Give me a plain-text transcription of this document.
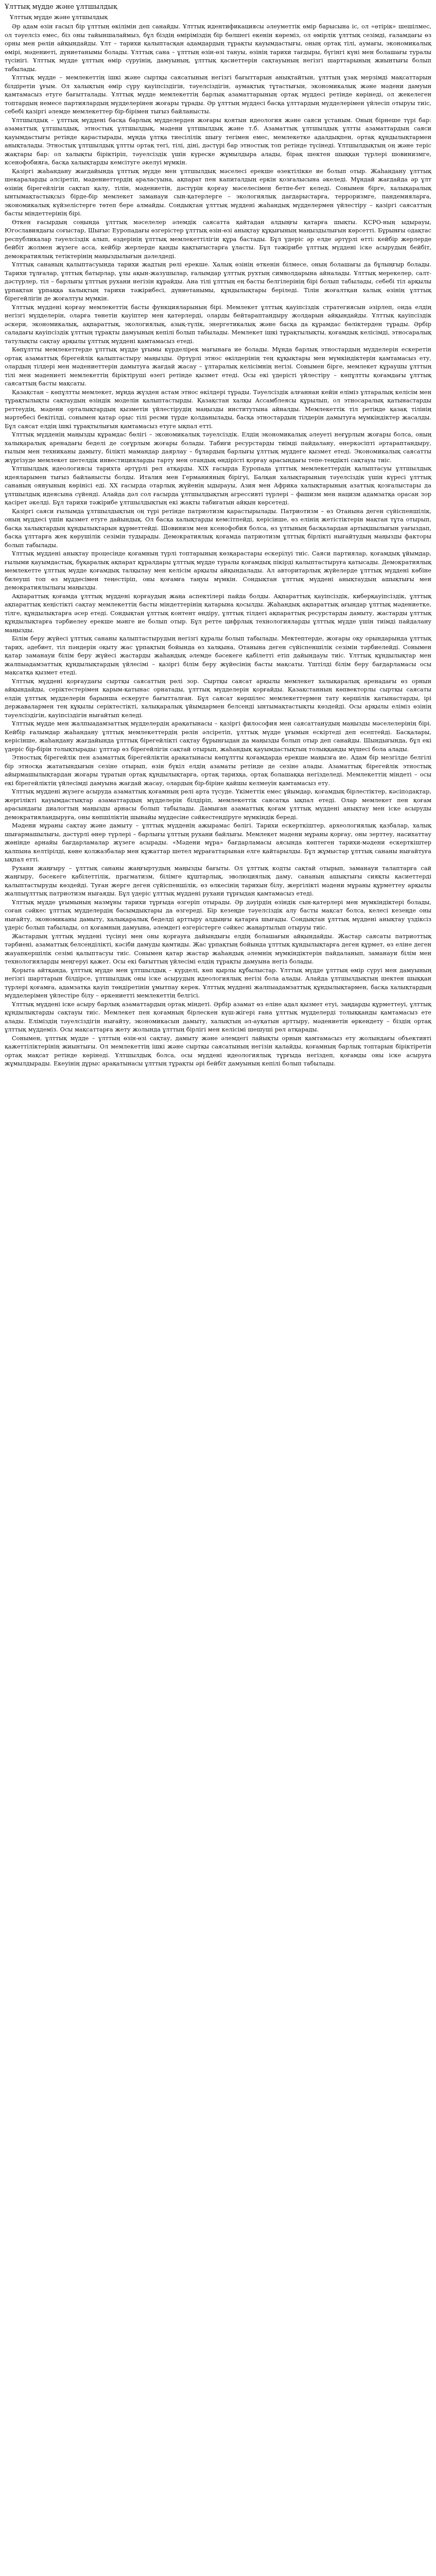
Ұлттық мүдде және ұлтшылдық
Ұлттық мүдде және ұлтшылдық

Әр адам өзін ғасыл бір ұлттың өкілімін деп санайды. Ұлттық идентификациясы әлеуметтік өмір барысына іс, ол «өтірік» шешілмес, ол тәуелсіз емес, біз оны тайыншалаймыз, бұл біздің өміріміздің бір бөлшегі екенін көреміз, ол өмірлік ұлттық сезімді, ғаламдағы өз орны мен рөлін айқындайды. Ұлт – тарихи қалыптасқан адамдардың тұрақты қауымдастығы, оның ортақ тілі, аумағы, экономикалық өмірі, мәдениеті, дүниетанымы болады. Ұлттық сана – ұлттың өзін-өзі тануы, өзінің тарихи тағдыры, бүгінгі күні мен болашағы туралы түсінігі. Ұлттық мүдде ұлттың өмір сүруінің, дамуының, ұлттық қасиеттерін сақтауының негізгі шарттарының жиынтығы болып табылады.

Ұлттық мүдде – мемлекеттің ішкі және сыртқы саясатының негізгі бағыттарын анықтайтын, ұлттың ұзақ мерзімді мақсаттарын білдіретін ұғым. Ол халықтың өмір сүру қауіпсіздігін, тәуелсіздігін, аумақтық тұтастығын, экономикалық және мәдени дамуын қамтамасыз етуге бағытталады. Ұлттық мүдде мемлекеттің барлық азаматтарының ортақ мүддесі ретінде көрінеді, ол жекелеген топтардың немесе партиялардың мүдделерінен жоғары тұрады. Әр ұлттың мүддесі басқа ұлттардың мүдделерімен үйлесіп отыруы тиіс, себебі қазіргі әлемде мемлекеттер бір-бірімен тығыз байланысты.

Ұлтшылдық – ұлттық мүддені басқа барлық мүдделерден жоғары қоятын идеология және саяси ұстаным. Оның бірнеше түрі бар: азаматтық ұлтшылдық, этностық ұлтшылдық, мәдени ұлтшылдық және т.б. Азаматтық ұлтшылдық ұлтты азаматтардың саяси қауымдастығы ретінде қарастырады, мұнда ұлтқа тиесілілік шығу тегімен емес, мемлекетке адалдықпен, ортақ құндылықтармен анықталады. Этностық ұлтшылдық ұлтты ортақ тегі, тілі, діні, дәстүрі бар этностық топ ретінде түсінеді. Ұлтшылдықтың оң және теріс жақтары бар: ол халықты біріктіріп, тәуелсіздік үшін күреске жұмылдыра алады, бірақ шектен шыққан түрлері шовинизмге, ксенофобияға, басқа халықтарды кемсітуге әкелуі мүмкін.

Қазіргі жаһандану жағдайында ұлттық мүдде мен ұлтшылдық мәселесі ерекше өзектілікке ие болып отыр. Жаһандану ұлттық шекараларды әлсіретіп, мәдениеттердің араласуына, ақпарат пен капиталдың еркін қозғалысына әкеледі. Мұндай жағдайда әр ұлт өзінің бірегейлігін сақтап қалу, тілін, мәдениетін, дәстүрін қорғау мәселесімен бетпе-бет келеді. Сонымен бірге, халықаралық ынтымақтастықсыз бірде-бір мемлекет заманауи сын-қатерлерге – экологиялық дағдарыстарға, терроризмге, пандемияларға, экономикалық күйзелістерге төтеп бере алмайды. Сондықтан ұлттық мүддені жаһандық мүдделермен үйлестіру – қазіргі саясаттың басты міндеттерінің бірі.

Өткен ғасырдың соңында ұлттық мәселелер әлемдік саясатта қайтадан алдыңғы қатарға шықты. КСРО-ның ыдырауы, Югославиядағы соғыстар, Шығыс Еуропадағы өзгерістер ұлттық өзін-өзі анықтау құқығының маңыздылығын көрсетті. Бұрынғы одақтас республикалар тәуелсіздік алып, өздерінің ұлттық мемлекеттілігін құра бастады. Бұл үдеріс әр елде әртүрлі өтті: кейбір жерлерде бейбіт жолмен жүзеге асса, кейбір жерлерде қанды қақтығыстарға ұласты. Бұл тәжірибе ұлттық мүддені іске асырудың бейбіт, демократиялық тетіктерінің маңыздылығын дәлелдеді.

Ұлттық сананың қалыптасуында тарихи жадтың рөлі ерекше. Халық өзінің өткенін білмесе, оның болашағы да бұлыңғыр болады. Тарихи тұлғалар, ұлттық батырлар, ұлы ақын-жазушылар, ғалымдар ұлттық рухтың символдарына айналады. Ұлттық мерекелер, салт-дәстүрлер, тіл – барлығы ұлттың рухани негізін құрайды. Ана тілі ұлттың ең басты белгілерінің бірі болып табылады, себебі тіл арқылы ұрпақтан ұрпаққа халықтың тарихи тәжірибесі, дүниетанымы, құндылықтары беріледі. Тілін жоғалтқан халық өзінің ұлттық бірегейлігін де жоғалтуы мүмкін.

Ұлттық мүддені қорғау мемлекеттің басты функцияларының бірі. Мемлекет ұлттық қауіпсіздік стратегиясын әзірлеп, онда елдің негізгі мүдделерін, оларға төнетін қауіптер мен қатерлерді, оларды бейтараптандыру жолдарын айқындайды. Ұлттық қауіпсіздік әскери, экономикалық, ақпараттық, экологиялық, азық-түлік, энергетикалық және басқа да құрамдас бөліктерден тұрады. Әрбір саладағы қауіпсіздік ұлттың тұрақты дамуының кепілі болып табылады. Мемлекет ішкі тұрақтылықты, қоғамдық келісімді, этносаралық татулықты сақтау арқылы ұлттық мүддені қамтамасыз етеді.

Көпұлтты мемлекеттерде ұлттық мүдде ұғымы күрделірек мағынаға ие болады. Мұнда барлық этностардың мүдделерін ескеретін ортақ азаматтық бірегейлік қалыптастыру маңызды. Әртүрлі этнос өкілдерінің тең құқықтары мен мүмкіндіктерін қамтамасыз ету, олардың тілдері мен мәдениеттерін дамытуға жағдай жасау – ұлтаралық келісімнің негізі. Сонымен бірге, мемлекет құраушы ұлттың тілі мен мәдениеті мемлекеттің біріктіруші өзегі ретінде қызмет етеді. Осы екі үдерісті үйлестіру – көпұлтты қоғамдағы ұлттық саясаттың басты мақсаты.

Қазақстан – көпұлтты мемлекет, мұнда жүзден астам этнос өкілдері тұрады. Тәуелсіздік алғаннан кейін еліміз ұлтаралық келісім мен тұрақтылықты сақтаудың өзіндік моделін қалыптастырды. Қазақстан халқы Ассамблеясы құрылып, ол этносаралық қатынастарды реттеудің, мәдени орталықтардың қызметін үйлестірудің маңызды институтына айналды. Мемлекеттік тіл ретінде қазақ тілінің мәртебесі бекітілді, сонымен қатар орыс тілі ресми түрде қолданылады, басқа этностардың тілдерін дамытуға мүмкіндіктер жасалды. Бұл саясат елдің ішкі тұрақтылығын қамтамасыз етуге ықпал етті.

Ұлттық мүдденің маңызды құрамдас бөлігі – экономикалық тәуелсіздік. Елдің экономикалық әлеуеті неғұрлым жоғары болса, оның халықаралық аренадағы беделі де соғұрлым жоғары болады. Табиғи ресурстарды тиімді пайдалану, өнеркәсіпті әртараптандыру, ғылым мен техниканы дамыту, білікті мамандар даярлау – бұлардың барлығы ұлттық мүддеге қызмет етеді. Экономикалық саясатты жүргізуде мемлекет шетелдік инвестицияларды тарту мен отандық өндірісті қорғау арасындағы тепе-теңдікті сақтауы тиіс.

Ұлтшылдық идеологиясы тарихта әртүрлі рөл атқарды. XIX ғасырда Еуропада ұлттық мемлекеттердің қалыптасуы ұлтшылдық идеяларымен тығыз байланысты болды. Италия мен Германияның бірігуі, Балқан халықтарының тәуелсіздік үшін күресі ұлттық сананың оянуының көрінісі еді. ХХ ғасырда отарлық жүйенің ыдырауы, Азия мен Африка халықтарының азаттық қозғалыстары да ұлтшылдық идеясына сүйенді. Алайда дәл сол ғасырда ұлтшылдықтың агрессивті түрлері – фашизм мен нацизм адамзатқа орасан зор қасірет әкелді. Бұл тарихи тәжірибе ұлтшылдықтың екі жақты табиғатын айқын көрсетеді.

Қазіргі саяси ғылымда ұлтшылдықтың оң түрі ретінде патриотизм қарастырылады. Патриотизм – өз Отанына деген сүйіспеншілік, оның мүддесі үшін қызмет етуге дайындық. Ол басқа халықтарды кемсітпейді, керісінше, өз елінің жетістіктерін мақтан тұта отырып, басқа халықтардың құндылықтарын құрметтейді. Шовинизм мен ксенофобия болса, өз ұлтының басқалардан артықшылығын уағыздап, басқа ұлттарға жек көрушілік сезімін тудырады. Демократиялық қоғамда патриотизм ұлттық бірлікті нығайтудың маңызды факторы болып табылады.

Ұлттық мүддені анықтау процесінде қоғамның түрлі топтарының көзқарастары ескерілуі тиіс. Саяси партиялар, қоғамдық ұйымдар, ғылыми қауымдастық, бұқаралық ақпарат құралдары ұлттық мүдде туралы қоғамдық пікірді қалыптастыруға қатысады. Демократиялық мемлекетте ұлттық мүдде қоғамдық талқылау мен келісім арқылы айқындалады. Ал авторитарлық жүйелерде ұлттық мүддені көбіне билеуші топ өз мүддесімен теңестіріп, оны қоғамға таңуы мүмкін. Сондықтан ұлттық мүддені анықтаудың ашықтығы мен демократиялылығы маңызды.

Ақпараттық қоғамда ұлттық мүддені қорғаудың жаңа аспектілері пайда болды. Ақпараттық қауіпсіздік, киберқауіпсіздік, ұлттық ақпараттық кеңістікті сақтау мемлекеттің басты міндеттерінің қатарына қосылды. Жаһандық ақпараттық ағындар ұлттық мәдениетке, тілге, құндылықтарға әсер етеді. Сондықтан ұлттық контент өндіру, ұлттық тілдегі ақпараттық ресурстарды дамыту, жастарды ұлттық құндылықтарға тәрбиелеу ерекше мәнге ие болып отыр. Бұл ретте цифрлық технологияларды ұлттық мүдде үшін тиімді пайдалану маңызды.

Білім беру жүйесі ұлттық сананы қалыптастырудың негізгі құралы болып табылады. Мектептерде, жоғары оқу орындарында ұлттық тарих, әдебиет, тіл пәндерін оқыту жас ұрпақтың бойында өз халқына, Отанына деген сүйіспеншілік сезімін тәрбиелейді. Сонымен қатар заманауи білім беру жүйесі жастарды жаһандық әлемде бәсекеге қабілетті етіп дайындауы тиіс. Ұлттық құндылықтар мен жалпыадамзаттық құндылықтардың үйлесімі – қазіргі білім беру жүйесінің басты мақсаты. Үштілді білім беру бағдарламасы осы мақсатқа қызмет етеді.

Ұлттық мүддені қорғаудағы сыртқы саясаттың рөлі зор. Сыртқы саясат арқылы мемлекет халықаралық аренадағы өз орнын айқындайды, серіктестерімен қарым-қатынас орнатады, ұлттық мүдделерін қорғайды. Қазақстанның көпвекторлы сыртқы саясаты елдің ұлттық мүдделерін барынша ескеруге бағытталған. Бұл саясат көршілес мемлекеттермен тату көршілік қатынастарды, ірі державалармен тең құқылы серіктестікті, халықаралық ұйымдармен белсенді ынтымақтастықты көздейді. Осы арқылы еліміз өзінің тәуелсіздігін, қауіпсіздігін нығайтып келеді.

Ұлттық мүдде мен жалпыадамзаттық мүдделердің арақатынасы – қазіргі философия мен саясаттанудың маңызды мәселелерінің бірі. Кейбір ғалымдар жаһандану ұлттық мемлекеттердің рөлін әлсіретіп, ұлттық мүдде ұғымын ескіртеді деп есептейді. Басқалары, керісінше, жаһандану жағдайында ұлттық бірегейлікті сақтау бұрынғыдан да маңызды болып отыр деп санайды. Шындығында, бұл екі үдеріс бір-бірін толықтырады: ұлттар өз бірегейлігін сақтай отырып, жаһандық қауымдастықтың толыққанды мүшесі бола алады.

Этностық бірегейлік пен азаматтық бірегейліктің арақатынасы көпұлтты қоғамдарда ерекше маңызға ие. Адам бір мезгілде белгілі бір этносқа жататындығын сезіне отырып, өзін бүкіл елдің азаматы ретінде де сезіне алады. Азаматтық бірегейлік этностық айырмашылықтардан жоғары тұратын ортақ құндылықтарға, ортақ тарихқа, ортақ болашаққа негізделеді. Мемлекеттің міндеті – осы екі бірегейліктің үйлесімді дамуына жағдай жасау, олардың бір-біріне қайшы келмеуін қамтамасыз ету.

Ұлттық мүддені жүзеге асыруда азаматтық қоғамның рөлі арта түсуде. Үкіметтік емес ұйымдар, қоғамдық бірлестіктер, кәсіподақтар, жергілікті қауымдастықтар азаматтардың мүдделерін білдіріп, мемлекеттік саясатқа ықпал етеді. Олар мемлекет пен қоғам арасындағы диалогтың маңызды арнасы болып табылады. Дамыған азаматтық қоғам ұлттық мүддені анықтау мен іске асыруды демократияландыруға, оны көпшіліктің шынайы мүддесіне сәйкестендіруге мүмкіндік береді.

Мәдени мұраны сақтау және дамыту – ұлттық мүдденің ажырамас бөлігі. Тарихи ескерткіштер, археологиялық қазбалар, халық шығармашылығы, дәстүрлі өнер түрлері – барлығы ұлттың рухани байлығы. Мемлекет мәдени мұраны қорғау, оны зерттеу, насихаттау жөнінде арнайы бағдарламалар жүзеге асырады. «Мәдени мұра» бағдарламасы аясында көптеген тарихи-мәдени ескерткіштер қалпына келтірілді, көне қолжазбалар мен құжаттар шетел мұрағаттарынан елге қайтарылды. Бұл жұмыстар ұлттық сананы нығайтуға ықпал етті.

Рухани жаңғыру – ұлттық сананы жаңғыртудың маңызды бағыты. Ол ұлттық кодты сақтай отырып, заманауи талаптарға сай жаңғыру, бәсекеге қабілеттілік, прагматизм, білімге құштарлық, эволюциялық даму, сананың ашықтығы сияқты қасиеттерді қалыптастыруды көздейді. Туған жерге деген сүйіспеншілік, өз өлкесінің тарихын білу, жергілікті мәдени мұраны құрметтеу арқылы жалпыұлттық патриотизм нығаяды. Бұл үдеріс ұлттық мүддені рухани тұрғыдан қамтамасыз етеді.

Ұлттық мүдде ұғымының мазмұны тарихи тұрғыда өзгеріп отырады. Әр дәуірдің өзіндік сын-қатерлері мен мүмкіндіктері болады, соған сәйкес ұлттық мүдделердің басымдықтары да өзгереді. Бір кезеңде тәуелсіздік алу басты мақсат болса, келесі кезеңде оны нығайту, экономиканы дамыту, халықаралық беделді арттыру алдыңғы қатарға шығады. Сондықтан ұлттық мүддені анықтау үздіксіз үдеріс болып табылады, ол қоғамның дамуына, әлемдегі өзгерістерге сәйкес жаңартылып отыруы тиіс.

Жастардың ұлттық мүддені түсінуі мен оны қорғауға дайындығы елдің болашағын айқындайды. Жастар саясаты патриоттық тәрбиені, азаматтық белсенділікті, кәсіби дамуды қамтиды. Жас ұрпақтың бойында ұлттық құндылықтарға деген құрмет, өз еліне деген жауапкершілік сезімі қалыптасуы тиіс. Сонымен қатар жастар жаһандық әлемнің мүмкіндіктерін пайдаланып, заманауи білім мен технологияларды меңгеруі қажет. Осы екі бағыттың үйлесімі елдің тұрақты дамуына негіз болады.

Қорыта айтқанда, ұлттық мүдде мен ұлтшылдық – күрделі, көп қырлы құбылыстар. Ұлттық мүдде ұлттың өмір сүруі мен дамуының негізгі шарттарын білдірсе, ұлтшылдық оны іске асырудың идеологиялық негізі бола алады. Алайда ұлтшылдықтың шектен шыққан түрлері қоғамға, адамзатқа қауіп төндіретінін ұмытпау керек. Ұлттық мүддені жалпыадамзаттық құндылықтармен, басқа халықтардың мүдделерімен үйлестіре білу – өркениетті мемлекеттің белгісі.

Ұлттық мүддені іске асыру барлық азаматтардың ортақ міндеті. Әрбір азамат өз еліне адал қызмет етуі, заңдарды құрметтеуі, ұлттық құндылықтарды сақтауы тиіс. Мемлекет пен қоғамның бірлескен күш-жігері ғана ұлттық мүдделерді толыққанды қамтамасыз ете алады. Еліміздің тәуелсіздігін нығайту, экономикасын дамыту, халықтың әл-ауқатын арттыру, мәдениетін өркендету – біздің ортақ ұлттық мүддеміз. Осы мақсаттарға жету жолында ұлттың бірлігі мен келісімі шешуші рөл атқарады.

Сонымен, ұлттық мүдде – ұлттың өзін-өзі сақтау, дамыту және әлемдегі лайықты орнын қамтамасыз ету жолындағы объективті қажеттіліктерінің жиынтығы. Ол мемлекеттің ішкі және сыртқы саясатының негізін қалайды, қоғамның барлық топтарын біріктіретін ортақ мақсат ретінде көрінеді. Ұлтшылдық болса, осы мүддені идеологиялық тұрғыда негіздеп, қоғамды оны іске асыруға жұмылдырады. Екеуінің дұрыс арақатынасы ұлттың тұрақты әрі бейбіт дамуының кепілі болып табылады.
